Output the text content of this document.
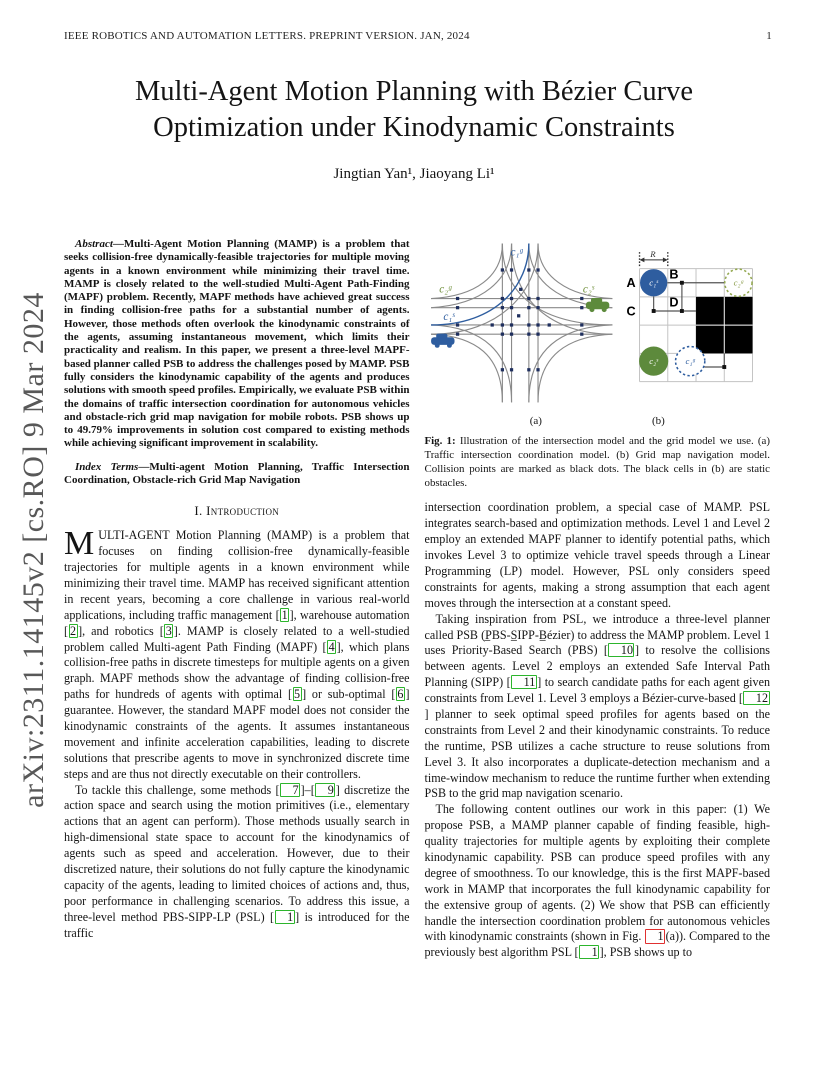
IEEE ROBOTICS AND AUTOMATION LETTERS. PREPRINT VERSION. JAN, 2024	1
arXiv:2311.14145v2 [cs.RO] 9 Mar 2024
Multi-Agent Motion Planning with Bézier Curve Optimization under Kinodynamic Constraints
Jingtian Yan¹, Jiaoyang Li¹

Abstract—Multi-Agent Motion Planning (MAMP) is a problem that seeks collision-free dynamically-feasible trajectories for multiple moving agents in a known environment while minimizing their travel time. MAMP is closely related to the well-studied Multi-Agent Path-Finding (MAPF) problem. Recently, MAPF methods have achieved great success in finding collision-free paths for a substantial number of agents. However, those methods often overlook the kinodynamic constraints of the agents, assuming instantaneous movement, which limits their practicality and realism. In this paper, we present a three-level MAPF-based planner called PSB to address the challenges posed by MAMP. PSB fully considers the kinodynamic capability of the agents and produces solutions with smooth speed profiles. Empirically, we evaluate PSB within the domains of traffic intersection coordination for autonomous vehicles and obstacle-rich grid map navigation for mobile robots. PSB shows up to 49.79% improvements in solution cost compared to existing methods while achieving significant improvement in scalability.

Index Terms—Multi-agent Motion Planning, Traffic Intersection Coordination, Obstacle-rich Grid Map Navigation

I. Introduction

MULTI-AGENT Motion Planning (MAMP) is a problem that focuses on finding collision-free dynamically-feasible trajectories for multiple agents in a known environment while minimizing their travel time. MAMP has received significant attention in recent years, becoming a core challenge in various real-world applications, including traffic management [ 1 ], warehouse automation [ 2 ], and robotics [ 3 ]. MAMP is closely related to a well-studied problem called Multi-agent Path Finding (MAPF) [ 4 ], which plans collision-free paths in discrete timesteps for multiple agents on a given graph. MAPF methods show the advantage of finding collision-free paths for hundreds of agents with optimal [ 5 ] or sub-optimal [ 6 ] guarantee. However, the standard MAPF model does not consider the kinodynamic constraints of the agents. It assumes instantaneous movement and infinite acceleration capabilities, leading to discrete solutions that prescribe agents to move in synchronized discrete time steps and are thus not directly executable on their controllers.

To tackle this challenge, some methods [ 7 ]–[ 9 ] discretize the action space and search using the motion primitives (i.e., elementary actions that an agent can perform). Those methods usually search in high-dimensional state space to account for the kinodynamics of agents such as speed and acceleration. However, due to their discretized nature, their solutions do not fully capture the kinodynamic capacity of the agents, leading to limited choices of actions and, thus, poor performance in challenging scenarios. To address this issue, a three-level method PBS-SIPP-LP (PSL) [ 1 ] is introduced for the traffic

c₂ᵍ	c₂ˢ
c₁ᵍ
c₁ˢ
R
c₁ˢ	c₂ᵍ
c₂ˢ	c₁ᵍ
A
C
B
D
(a)	(b)
Fig. 1: Illustration of the intersection model and the grid model we use. (a) Traffic intersection coordination model. (b) Grid map navigation model. Collision points are marked as black dots. The black cells in (b) are static obstacles.

intersection coordination problem, a special case of MAMP. PSL integrates search-based and optimization methods. Level 1 and Level 2 employ an extended MAPF planner to identify potential paths, which invokes Level 3 to optimize vehicle travel speeds through a Linear Programming (LP) model. However, PSL only considers speed constraints for agents, making a strong assumption that each agent moves through the intersection at a constant speed.

Taking inspiration from PSL, we introduce a three-level planner called PSB (P̲BS-S̲IPP-B̲ézier) to address the MAMP problem. Level 1 uses Priority-Based Search (PBS) [ 10 ] to resolve the collisions between agents. Level 2 employs an extended Safe Interval Path Planning (SIPP) [ 11 ] to search candidate paths for each agent given constraints from Level 1. Level 3 employs a Bézier-curve-based [ 12] planner to seek optimal speed profiles for agents based on the constraints from Level 2 and their kinodynamic constraints. To reduce the runtime, PSB utilizes a cache structure to reuse solutions from Level 3. It also incorporates a duplicate-detection mechanism and a time-window mechanism to reduce the runtime further when extending PSB to the grid map navigation scenario.

The following content outlines our work in this paper: (1) We propose PSB, a MAMP planner capable of finding feasible, high-quality trajectories for multiple agents by exploiting their complete kinodynamic capability. PSB can produce speed profiles with any degree of smoothness. To our knowledge, this is the first MAPF-based work in MAMP that incorporates the full kinodynamic capability for the extensive group of agents. (2) We show that PSB can efficiently handle the intersection coordination problem for autonomous vehicles with kinodynamic constraints (shown in Fig. 1 (a)). Compared to the previously best algorithm PSL [ 1 ], PSB shows up to
